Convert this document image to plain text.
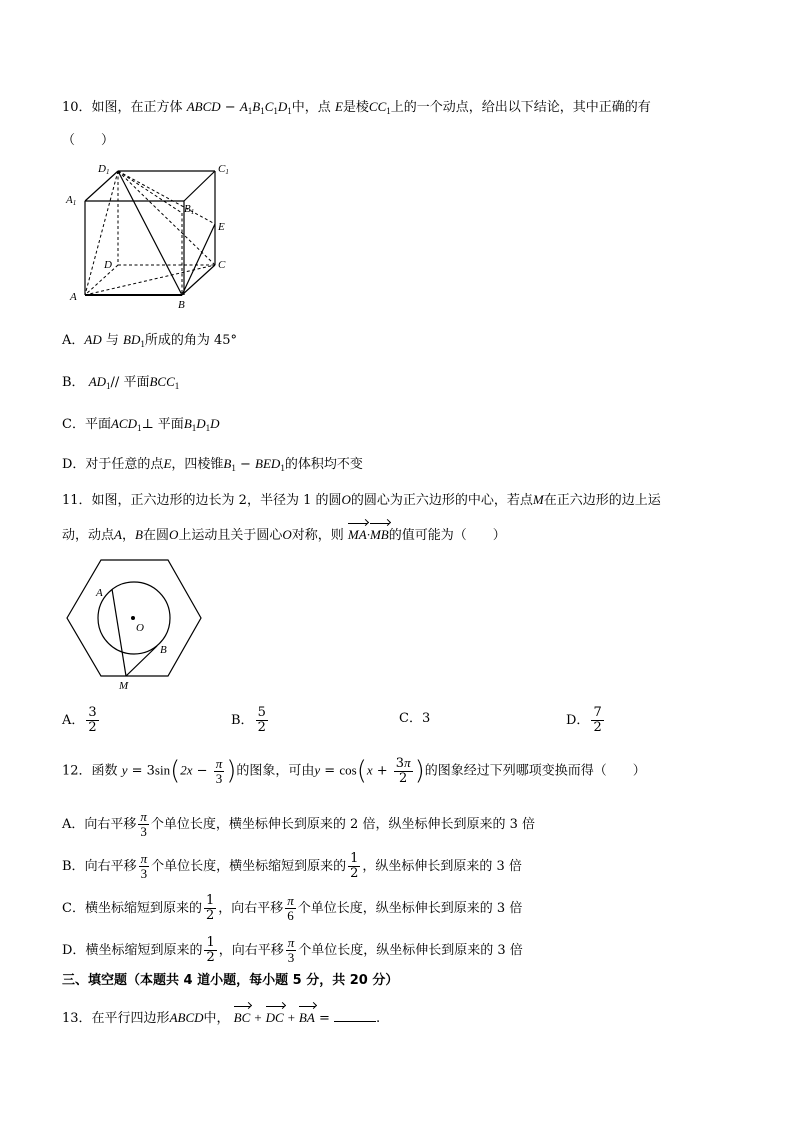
10．如图，在正方体 ABCD − $A_1B_1C_1D_1$中，点 E是棱$CC_1$上的一个动点，给出以下结论，其中正确的有
（　　）
D1	C1
A1	B1
E
D	C
A
B
A．AD 与 $BD_1$所成的角为 45°
B． $AD_1//$ 平面$BCC_1$
C．平面$ACD_1\perp$ 平面$B_1D_1D$
D．对于任意的点E，四棱锥$B_1 - BED_1$的体积均不变
11．如图，正六边形的边长为 2，半径为 1 的圆O的圆心为正六边形的中心，若点M在正六边形的边上运
动，动点A，B在圆O上运动且关于圆心O对称，则 MA·MB的值可能为（　　）
A
O
B
M
A． $\frac{3}{2}$	B． $\frac{5}{2}$	C．3	D． $\frac{7}{2}$
12．函数 $y = 3\sin(2x - \frac{\pi}{3}$ )的图象，可由$y = \cos(x + \frac{3\pi}{2}$ )的图象经过下列哪项变换而得（　　）
A．向右平移 $\frac{\pi}{3}$ 个单位长度，横坐标伸长到原来的 2 倍，纵坐标伸长到原来的 3 倍
B．向右平移 $\frac{\pi}{3}$ 个单位长度，横坐标缩短到原来的 $\frac{1}{2}$ ，纵坐标伸长到原来的 3 倍
C．横坐标缩短到原来的 $\frac{1}{2}$ ，向右平移 $\frac{\pi}{6}$ 个单位长度，纵坐标伸长到原来的 3 倍
D．横坐标缩短到原来的 $\frac{1}{2}$ ，向右平移 $\frac{\pi}{3}$ 个单位长度，纵坐标伸长到原来的 3 倍
三、填空题（本题共 4 道小题，每小题 5 分，共 20 分）
13．在平行四边形ABCD中， BC + DC + BA =	.
